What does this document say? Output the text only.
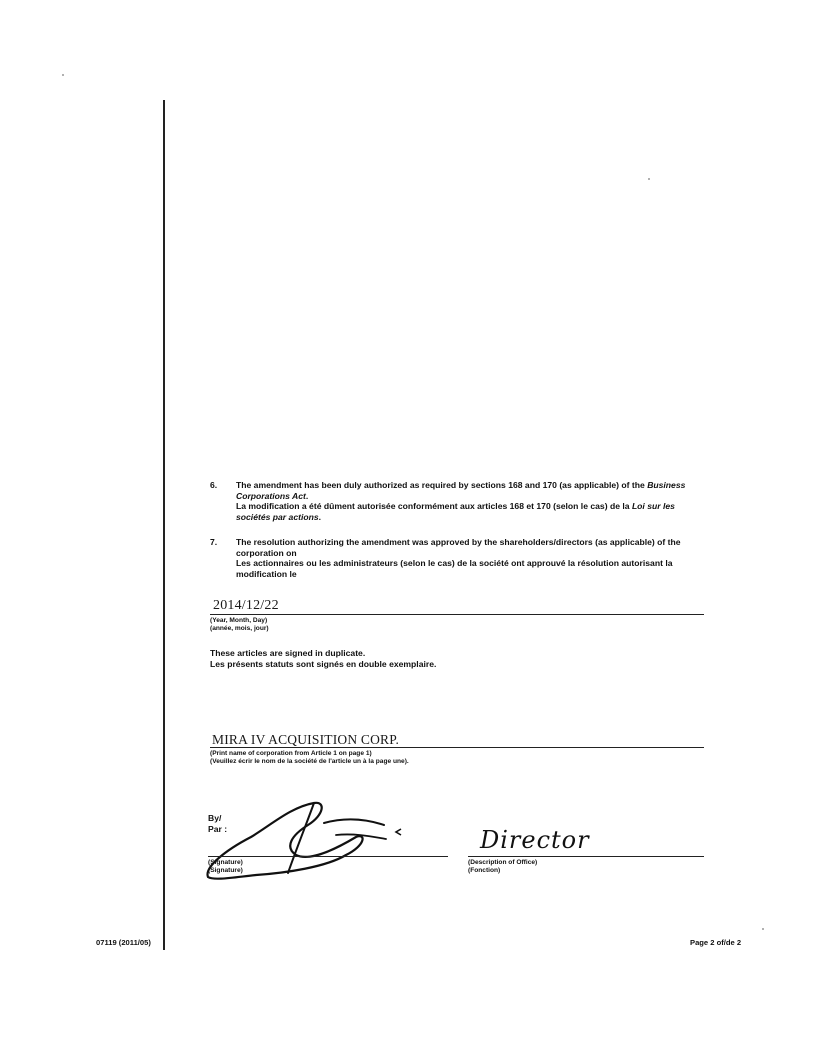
6. The amendment has been duly authorized as required by sections 168 and 170 (as applicable) of the Business Corporations Act.

La modification a été dûment autorisée conformément aux articles 168 et 170 (selon le cas) de la Loi sur les sociétés par actions.

7. The resolution authorizing the amendment was approved by the shareholders/directors (as applicable) of the corporation on

Les actionnaires ou les administrateurs (selon le cas) de la société ont approuvé la résolution autorisant la modification le

2014/12/22
(Year, Month, Day)
(année, mois, jour)
These articles are signed in duplicate.
Les présents statuts sont signés en double exemplaire.
MIRA IV ACQUISITION CORP.
(Print name of corporation from Article 1 on page 1)
(Veuillez écrir le nom de la société de l'article un à la page une).
By/
Par :
(Signature)
(Signature)
Director
(Description of Office)
(Fonction)
07119 (2011/05)	Page 2 of/de 2
